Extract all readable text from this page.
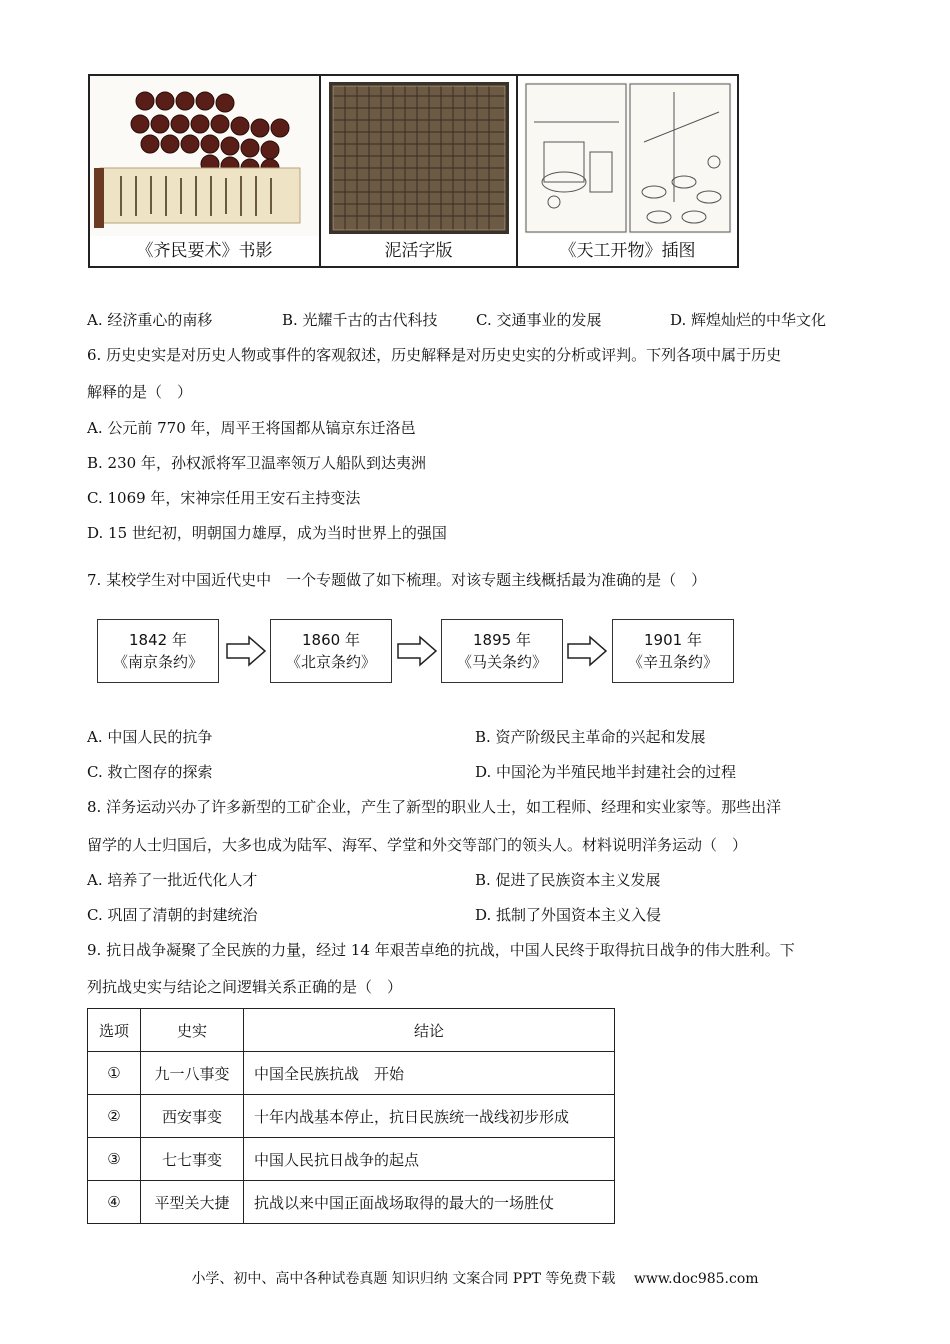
《齐民要术》书影	泥活字版	《天工开物》插图
A. 经济重心的南移	B. 光耀千古的古代科技	C. 交通事业的发展	D. 辉煌灿烂的中华文化
6. 历史史实是对历史人物或事件的客观叙述，历史解释是对历史史实的分析或评判。下列各项中属于历史
解释的是（　）
A. 公元前 770 年，周平王将国都从镐京东迁洛邑
B. 230 年，孙权派将军卫温率领万人船队到达夷洲
C. 1069 年，宋神宗任用王安石主持变法
D. 15 世纪初，明朝国力雄厚，成为当时世界上的强国
7. 某校学生对中国近代史中　一个专题做了如下梳理。对该专题主线概括最为准确的是（　）
1842 年
《南京条约》
1860 年
《北京条约》
1895 年
《马关条约》
1901 年
《辛丑条约》
A. 中国人民的抗争	B. 资产阶级民主革命的兴起和发展
C. 救亡图存的探索	D. 中国沦为半殖民地半封建社会的过程
8. 洋务运动兴办了许多新型的工矿企业，产生了新型的职业人士，如工程师、经理和实业家等。那些出洋
留学的人士归国后，大多也成为陆军、海军、学堂和外交等部门的领头人。材料说明洋务运动（　）
A. 培养了一批近代化人才	B. 促进了民族资本主义发展
C. 巩固了清朝的封建统治	D. 抵制了外国资本主义入侵
9. 抗日战争凝聚了全民族的力量，经过 14 年艰苦卓绝的抗战，中国人民终于取得抗日战争的伟大胜利。下
列抗战史实与结论之间逻辑关系正确的是（　）
选项	史实	结论
①	九一八事变	中国全民族抗战　开始
②	西安事变	十年内战基本停止，抗日民族统一战线初步形成
③	七七事变	中国人民抗日战争的起点
④	平型关大捷	抗战以来中国正面战场取得的最大的一场胜仗
小学、初中、高中各种试卷真题 知识归纳 文案合同 PPT 等免费下载　 www.doc985.com
